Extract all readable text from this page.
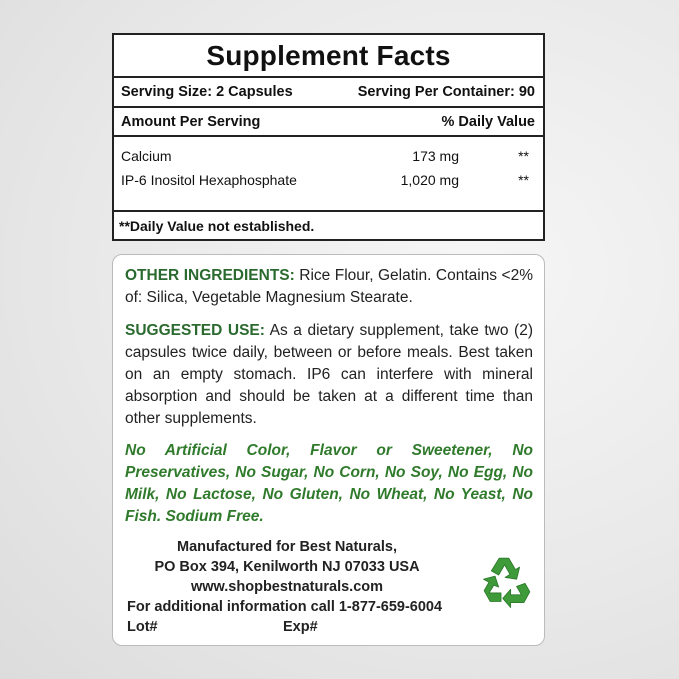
Supplement Facts
Serving Size: 2 Capsules	Serving Per Container: 90
Amount Per Serving	% Daily Value
Calcium	173 mg	**
IP-6 Inositol Hexaphosphate	1,020 mg	**
**Daily Value not established.

OTHER INGREDIENTS: Rice Flour, Gelatin. Contains <2% of: Silica, Vegetable Magnesium Stearate.

SUGGESTED USE: As a dietary supplement, take two (2) capsules twice daily, between or before meals. Best taken on an empty stomach. IP6 can interfere with mineral absorption and should be taken at a different time than other supplements.

No Artificial Color, Flavor or Sweetener, No Preservatives, No Sugar, No Corn, No Soy, No Egg, No Milk, No Lactose, No Gluten, No Wheat, No Yeast, No Fish. Sodium Free.

Manufactured for Best Naturals,
PO Box 394, Kenilworth NJ 07033 USA
www.shopbestnaturals.com
For additional information call 1-877-659-6004
Lot#	Exp#
